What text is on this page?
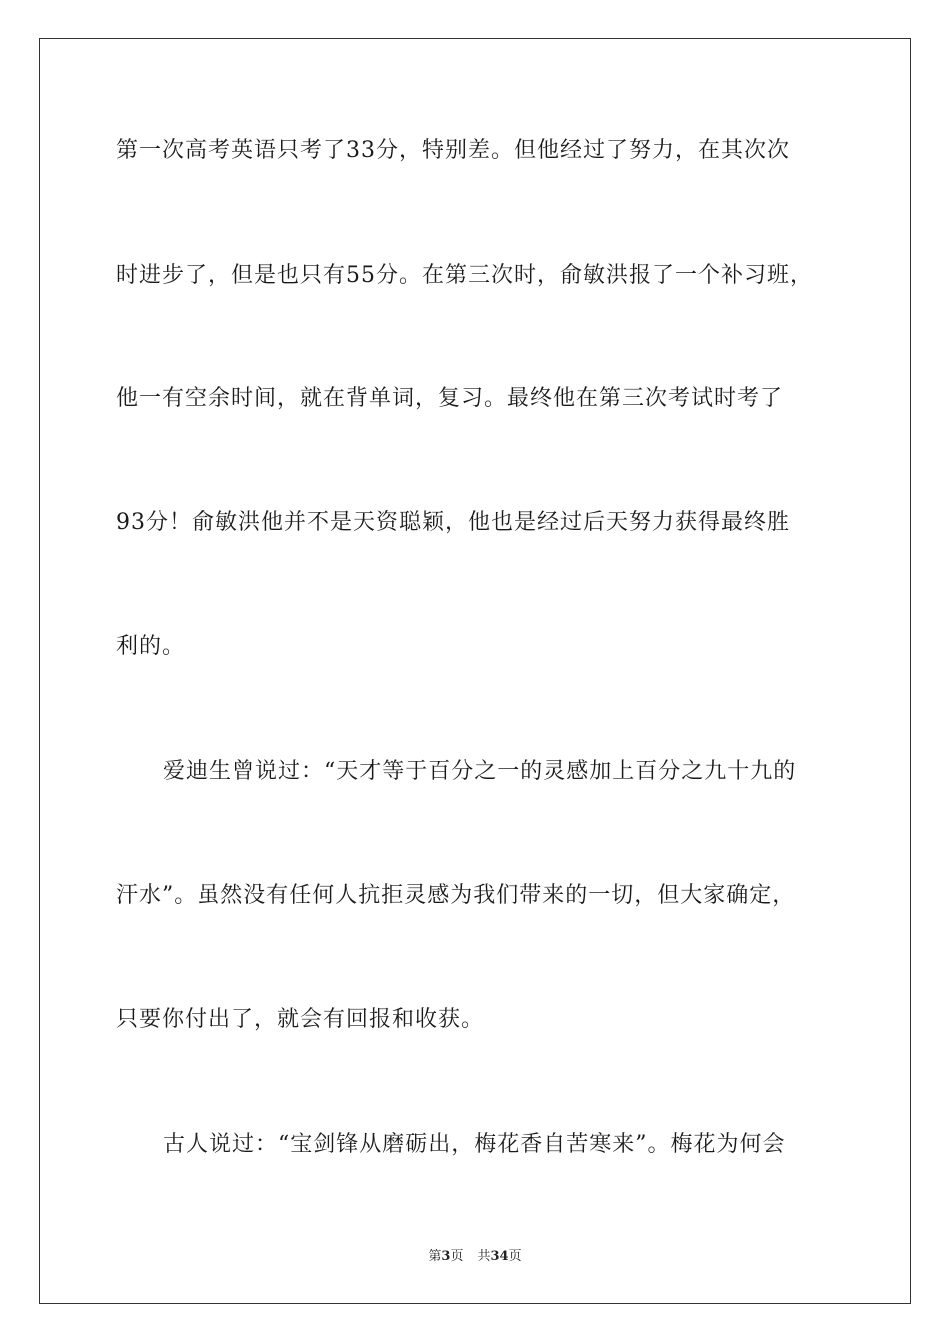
第一次高考英语只考了33分，特别差。但他经过了努力，在其次次
时进步了，但是也只有55分。在第三次时，俞敏洪报了一个补习班，
他一有空余时间，就在背单词，复习。最终他在第三次考试时考了
93分！俞敏洪他并不是天资聪颖，他也是经过后天努力获得最终胜
利的。
爱迪生曾说过：“天才等于百分之一的灵感加上百分之九十九的
汗水”。虽然没有任何人抗拒灵感为我们带来的一切，但大家确定，
只要你付出了，就会有回报和收获。
古人说过：“宝剑锋从磨砺出，梅花香自苦寒来”。梅花为何会
第3页 共34页
